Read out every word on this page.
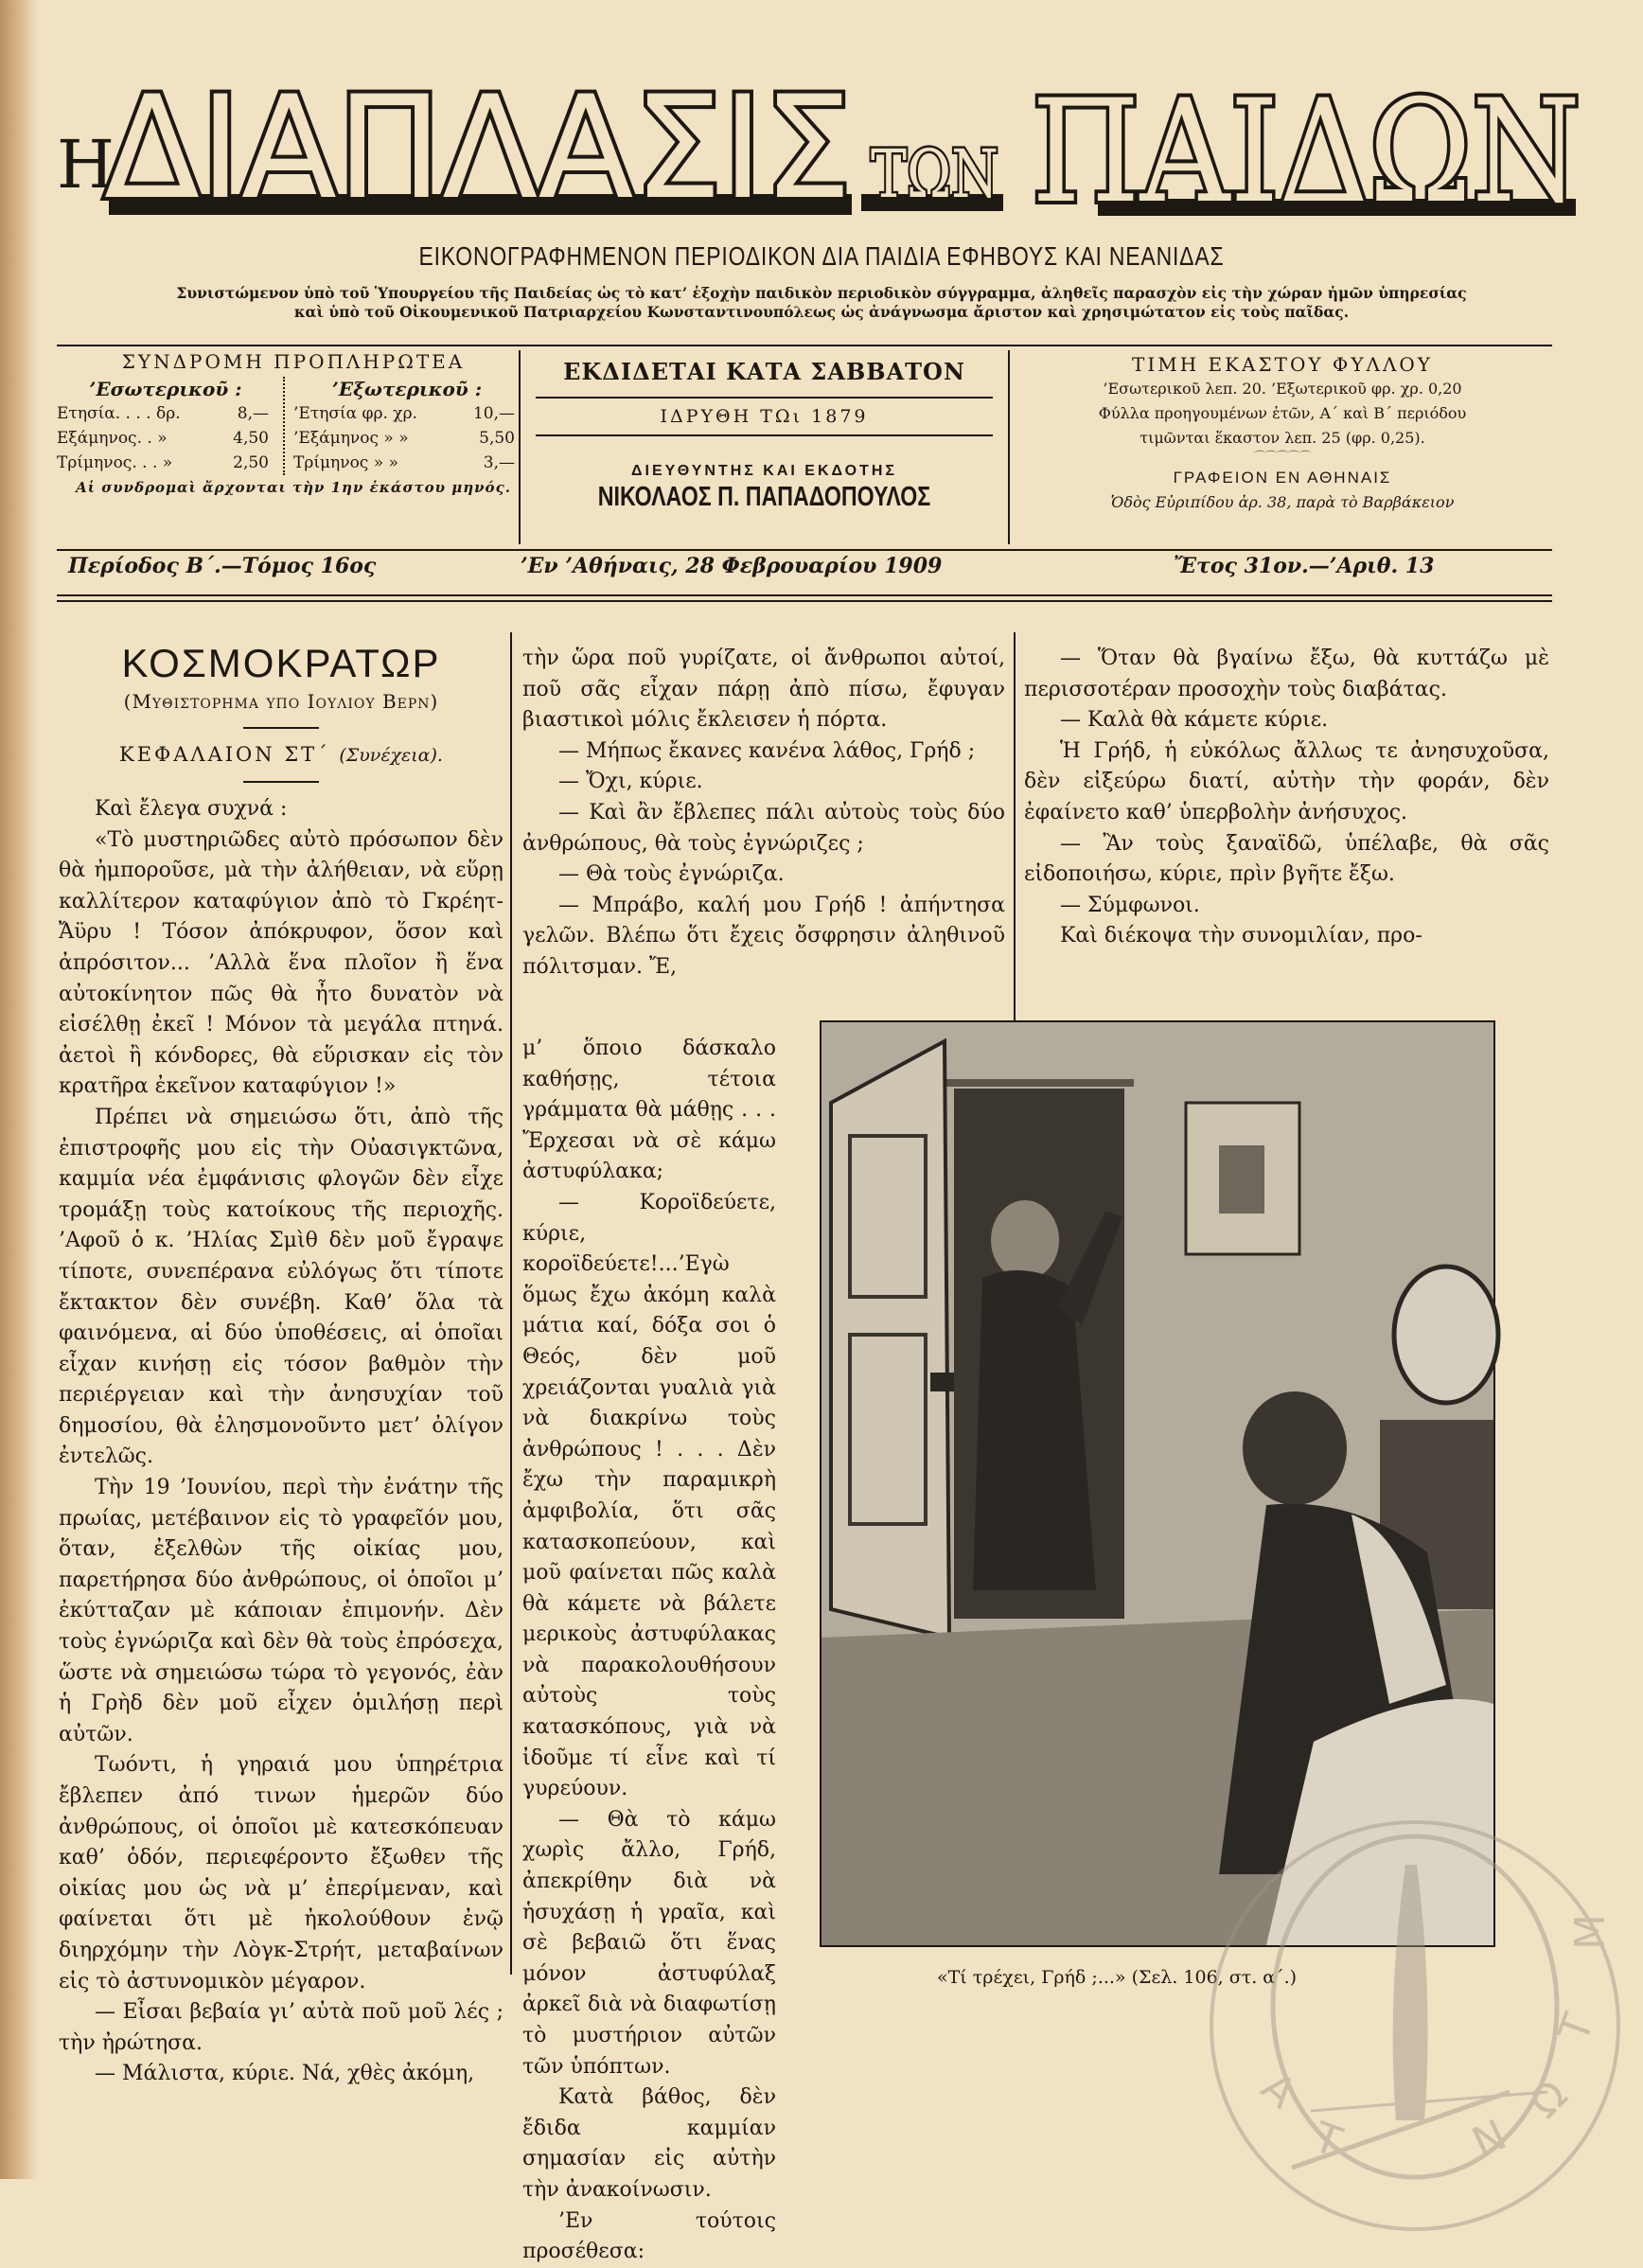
Η
ΔΙΑΠΛΑΣΙΣ ΤΩΝ ΠΑΙΔΩΝ
ΕΙΚΟΝΟΓΡΑΦΗΜΕΝΟΝ ΠΕΡΙΟΔΙΚΟΝ ΔΙΑ ΠΑΙΔΙΑ ΕΦΗΒΟΥΣ ΚΑΙ ΝΕΑΝΙΔΑΣ
Συνιστώμενον ὑπὸ τοῦ Ὑπουργείου τῆς Παιδείας ὡς τὸ κατ’ ἐξοχὴν παιδικὸν περιοδικὸν σύγγραμμα, ἀληθεῖς παρασχὸν εἰς τὴν χώραν ἡμῶν ὑπηρεσίας
καὶ ὑπὸ τοῦ Οἰκουμενικοῦ Πατριαρχείου Κωνσταντινουπόλεως ὡς ἀνάγνωσμα ἄριστον καὶ χρησιμώτατον εἰς τοὺς παῖδας.
ΣΥΝΔΡΟΜΗ ΠΡΟΠΛΗΡΩΤΕΑ
’Εσωτερικοῦ :
Ετησία. . . . δρ.	8,—
Εξάμηνος. . »	4,50
Τρίμηνος. . . »	2,50
’Εξωτερικοῦ :
’Ετησία φρ. χρ.	10,—
’Εξάμηνος » »	5,50
Τρίμηνος » »	3,—
Αἱ συνδρομαὶ ἄρχονται τὴν 1ην ἑκάστου μηνός.
ΕΚΔΙΔΕΤΑΙ ΚΑΤΑ ΣΑΒΒΑΤΟΝ
ΙΔΡΥΘΗ ΤΩι 1879
ΔΙΕΥΘΥΝΤΗΣ ΚΑΙ ΕΚΔΟΤΗΣ
ΝΙΚΟΛΑΟΣ Π. ΠΑΠΑΔΟΠΟΥΛΟΣ

ΤΙΜΗ ΕΚΑΣΤΟΥ ΦΥΛΛΟΥ

’Εσωτερικοῦ λεπ. 20. ’Εξωτερικοῦ φρ. χρ. 0,20

Φύλλα προηγουμένων ἐτῶν, Α΄ καὶ Β΄ περιόδου

τιμῶνται ἕκαστον λεπ. 25 (φρ. 0,25).

⌒⌒⌒⌒⌒

ΓΡΑΦΕΙΟΝ ΕΝ ΑΘΗΝΑΙΣ

Ὁδὸς Εὐριπίδου ἀρ. 38, παρὰ τὸ Βαρβάκειον

Περίοδος Β΄.—Τόμος 16ος	’Εν ’Αθήναις, 28 Φεβρουαρίου 1909	Ἔτος 31ον.—’Αριθ. 13
ΚΟΣΜΟΚΡΑΤΩΡ
(Μυθιστορημα υπο Ιουλιου Βερν)
ΚΕΦΑΛΑΙΟΝ ΣΤ΄ (Συνέχεια).

Καὶ ἔλεγα συχνά :

«Τὸ μυστηριῶδες αὐτὸ πρόσωπον δὲν θὰ ἠμποροῦσε, μὰ τὴν ἀλήθειαν, νὰ εὕρῃ καλλίτερον καταφύγιον ἀπὸ τὸ Γκρέητ-Ἄϋρυ ! Τόσον ἀπόκρυφον, ὅσον καὶ ἀπρόσιτον... ’Αλλὰ ἕνα πλοῖον ἢ ἕνα αὐτοκίνητον πῶς θὰ ἦτο δυνατὸν νὰ εἰσέλθῃ ἐκεῖ ! Μόνον τὰ μεγάλα πτηνά. ἀετοὶ ἢ κόνδορες, θὰ εὕρισκαν εἰς τὸν κρατῆρα ἐκεῖνον καταφύγιον !»

Πρέπει νὰ σημειώσω ὅτι, ἀπὸ τῆς ἐπιστροφῆς μου εἰς τὴν Οὐασιγκτῶνα, καμμία νέα ἐμφάνισις φλογῶν δὲν εἶχε τρομάξῃ τοὺς κατοίκους τῆς περιοχῆς. ’Αφοῦ ὁ κ. ’Ηλίας Σμὶθ δὲν μοῦ ἔγραψε τίποτε, συνεπέρανα εὐλόγως ὅτι τίποτε ἔκτακτον δὲν συνέβη. Καθ’ ὅλα τὰ φαινόμενα, αἱ δύο ὑποθέσεις, αἱ ὁποῖαι εἶχαν κινήσῃ εἰς τόσον βαθμὸν τὴν περιέργειαν καὶ τὴν ἀνησυχίαν τοῦ δημοσίου, θὰ ἐλησμονοῦντο μετ’ ὀλίγον ἐντελῶς.

Τὴν 19 ’Ιουνίου, περὶ τὴν ἐνάτην τῆς πρωίας, μετέβαινον εἰς τὸ γραφεῖόν μου, ὅταν, ἐξελθὼν τῆς οἰκίας μου, παρετήρησα δύο ἀνθρώπους, οἱ ὁποῖοι μ’ ἐκύτταζαν μὲ κάποιαν ἐπιμονήν. Δὲν τοὺς ἐγνώριζα καὶ δὲν θὰ τοὺς ἐπρόσεχα, ὥστε νὰ σημειώσω τώρα τὸ γεγονός, ἐὰν ἡ Γρὴδ δὲν μοῦ εἶχεν ὁμιλήσῃ περὶ αὐτῶν.

Τωόντι, ἡ γηραιά μου ὑπηρέτρια ἔβλεπεν ἀπό τινων ἡμερῶν δύο ἀνθρώπους, οἱ ὁποῖοι μὲ κατεσκόπευαν καθ’ ὁδόν, περιεφέροντο ἔξωθεν τῆς οἰκίας μου ὡς νὰ μ’ ἐπερίμεναν, καὶ φαίνεται ὅτι μὲ ἠκολούθουν ἐνῷ διηρχόμην τὴν Λὸγκ-Στρήτ, μεταβαίνων εἰς τὸ ἀστυνομικὸν μέγαρον.

— Εἶσαι βεβαία γι’ αὐτὰ ποῦ μοῦ λές ; τὴν ἠρώτησα.

— Μάλιστα, κύριε. Νά, χθὲς ἀκόμη,

τὴν ὥρα ποῦ γυρίζατε, οἱ ἄνθρωποι αὐτοί, ποῦ σᾶς εἶχαν πάρῃ ἀπὸ πίσω, ἔφυγαν βιαστικοὶ μόλις ἔκλεισεν ἡ πόρτα.

— Μήπως ἔκανες κανένα λάθος, Γρήδ ;

— Ὄχι, κύριε.

— Καὶ ἂν ἔβλεπες πάλι αὐτοὺς τοὺς δύο ἀνθρώπους, θὰ τοὺς ἐγνώριζες ;

— Θὰ τοὺς ἐγνώριζα.

— Μπράβο, καλή μου Γρήδ ! ἀπήντησα γελῶν. Βλέπω ὅτι ἔχεις ὄσφρησιν ἀληθινοῦ πόλιτσμαν. Ἔ,

μ’ ὅποιο δάσκαλο καθήσῃς, τέτοια γράμματα θὰ μάθῃς . . . Ἔρχεσαι νὰ σὲ κάμω ἀστυφύλακα;

— Κοροϊδεύετε, κύριε, κοροϊδεύετε!...’Εγὼ ὅμως ἔχω ἀκόμη καλὰ μάτια καί, δόξα σοι ὁ Θεός, δὲν μοῦ χρειάζονται γυαλιὰ γιὰ νὰ διακρίνω τοὺς ἀνθρώπους ! . . . Δὲν ἔχω τὴν παραμικρὴ ἀμφιβολία, ὅτι σᾶς κατασκοπεύουν, καὶ μοῦ φαίνεται πῶς καλὰ θὰ κάμετε νὰ βάλετε μερικοὺς ἀστυφύλακας νὰ παρακολουθήσουν αὐτοὺς τοὺς κατασκόπους, γιὰ νὰ ἰδοῦμε τί εἶνε καὶ τί γυρεύουν.

— Θὰ τὸ κάμω χωρὶς ἄλλο, Γρήδ, ἀπεκρίθην διὰ νὰ ἡσυχάσῃ ἡ γραῖα, καὶ σὲ βεβαιῶ ὅτι ἕνας μόνον ἀστυφύλαξ ἀρκεῖ διὰ νὰ διαφωτίσῃ τὸ μυστήριον αὐτῶν τῶν ὑπόπτων.

Κατὰ βάθος, δὲν ἔδιδα καμμίαν σημασίαν εἰς αὐτὴν τὴν ἀνακοίνωσιν.

’Εν τούτοις προσέθεσα:

— Ὅταν θὰ βγαίνω ἔξω, θὰ κυττάζω μὲ περισσοτέραν προσοχὴν τοὺς διαβάτας.

— Καλὰ θὰ κάμετε κύριε.

Ἡ Γρήδ, ἡ εὐκόλως ἄλλως τε ἀνησυχοῦσα, δὲν εἰξεύρω διατί, αὐτὴν τὴν φοράν, δὲν ἐφαίνετο καθ’ ὑπερβολὴν ἀνήσυχος.

— Ἂν τοὺς ξαναϊδῶ, ὑπέλαβε, θὰ σᾶς εἰδοποιήσω, κύριε, πρὶν βγῆτε ἔξω.

— Σύμφωνοι.

Καὶ διέκοψα τὴν συνομιλίαν, προ-

«Τί τρέχει, Γρήδ ;...» (Σελ. 106, στ. α΄.)
Α
Τ	Ν
Ω
Τ
Μ
